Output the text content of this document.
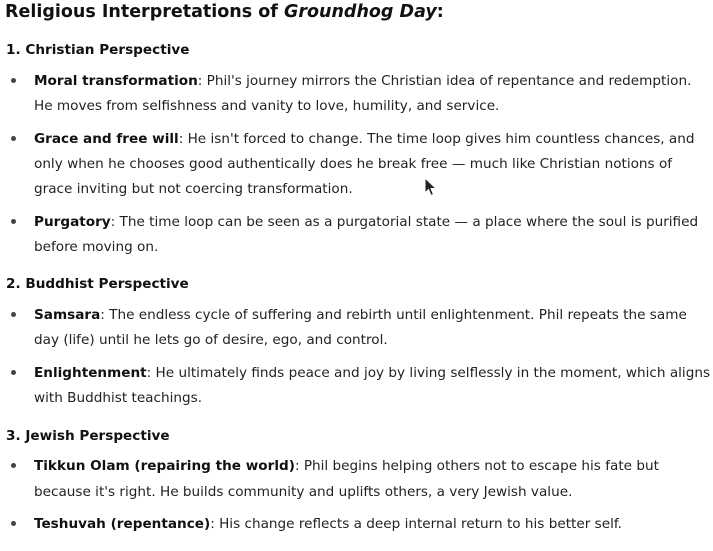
Religious Interpretations of Groundhog Day:
1. Christian Perspective

Moral transformation: Phil's journey mirrors the Christian idea of repentance and redemption.

He moves from selfishness and vanity to love, humility, and service.

Grace and free will: He isn't forced to change. The time loop gives him countless chances, and

only when he chooses good authentically does he break free — much like Christian notions of

grace inviting but not coercing transformation.

Purgatory: The time loop can be seen as a purgatorial state — a place where the soul is purified

before moving on.

2. Buddhist Perspective

Samsara: The endless cycle of suffering and rebirth until enlightenment. Phil repeats the same

day (life) until he lets go of desire, ego, and control.

Enlightenment: He ultimately finds peace and joy by living selflessly in the moment, which aligns

with Buddhist teachings.

3. Jewish Perspective

Tikkun Olam (repairing the world): Phil begins helping others not to escape his fate but

because it's right. He builds community and uplifts others, a very Jewish value.

Teshuvah (repentance): His change reflects a deep internal return to his better self.
